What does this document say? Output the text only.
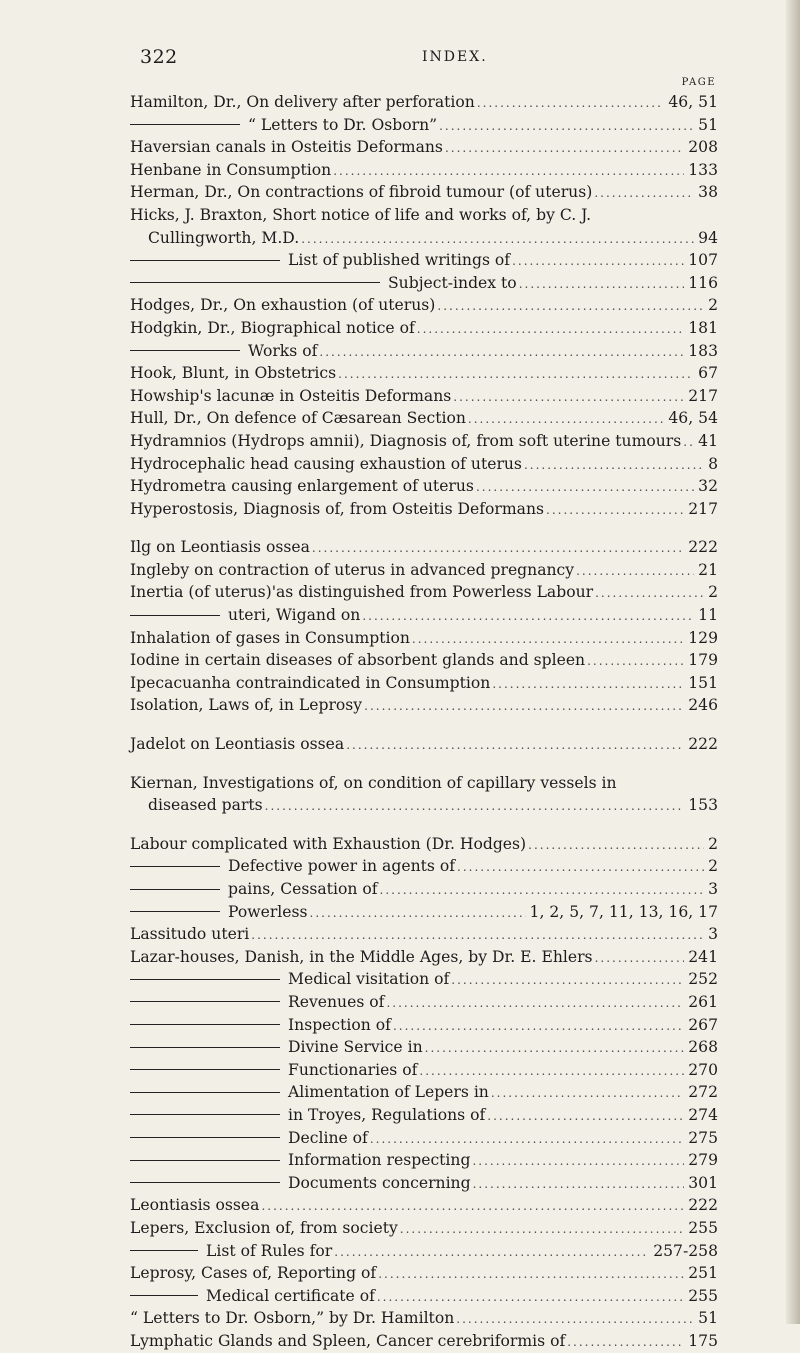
322	INDEX.
PAGE
Hamilton, Dr., On delivery after perforation .....	46, 51
“ Letters to Dr. Osborn” .....	51
Haversian canals in Osteitis Deformans .....	208
Henbane in Consumption .....	133
Herman, Dr., On contractions of fibroid tumour (of uterus) .....	38
Hicks, J. Braxton, Short notice of life and works of, by C. J.
Cullingworth, M.D. .....	94
List of published writings of .....	107
Subject-index to .....	116
Hodges, Dr., On exhaustion (of uterus) .....	2
Hodgkin, Dr., Biographical notice of .....	181
Works of .....	183
Hook, Blunt, in Obstetrics .....	67
Howship's lacunæ in Osteitis Deformans .....	217
Hull, Dr., On defence of Cæsarean Section .....	46, 54
Hydramnios (Hydrops amnii), Diagnosis of, from soft uterine tumours ..... 41
Hydrocephalic head causing exhaustion of uterus .....	8
Hydrometra causing enlargement of uterus .....	32
Hyperostosis, Diagnosis of, from Osteitis Deformans .....	217
Ilg on Leontiasis ossea .....	222
Ingleby on contraction of uterus in advanced pregnancy .....	21
Inertia (of uterus)'as distinguished from Powerless Labour .....	2
uteri, Wigand on .....	11
Inhalation of gases in Consumption .....	129
Iodine in certain diseases of absorbent glands and spleen .....	179
Ipecacuanha contraindicated in Consumption .....	151
Isolation, Laws of, in Leprosy .....	246
Jadelot on Leontiasis ossea .....	222
Kiernan, Investigations of, on condition of capillary vessels in
diseased parts .....	153
Labour complicated with Exhaustion (Dr. Hodges) .....	2
Defective power in agents of .....	2
pains, Cessation of .....	3
Powerless .....	1, 2, 5, 7, 11, 13, 16, 17
Lassitudo uteri .....	3
Lazar-houses, Danish, in the Middle Ages, by Dr. E. Ehlers .....	241
Medical visitation of .....	252
Revenues of .....	261
Inspection of .....	267
Divine Service in .....	268
Functionaries of .....	270
Alimentation of Lepers in .....	272
in Troyes, Regulations of .....	274
Decline of .....	275
Information respecting .....	279
Documents concerning .....	301
Leontiasis ossea .....	222
Lepers, Exclusion of, from society .....	255
List of Rules for .....	257-258
Leprosy, Cases of, Reporting of .....	251
Medical certificate of .....	255
“ Letters to Dr. Osborn,” by Dr. Hamilton .....	51
Lymphatic Glands and Spleen, Cancer cerebriformis of .....	175
